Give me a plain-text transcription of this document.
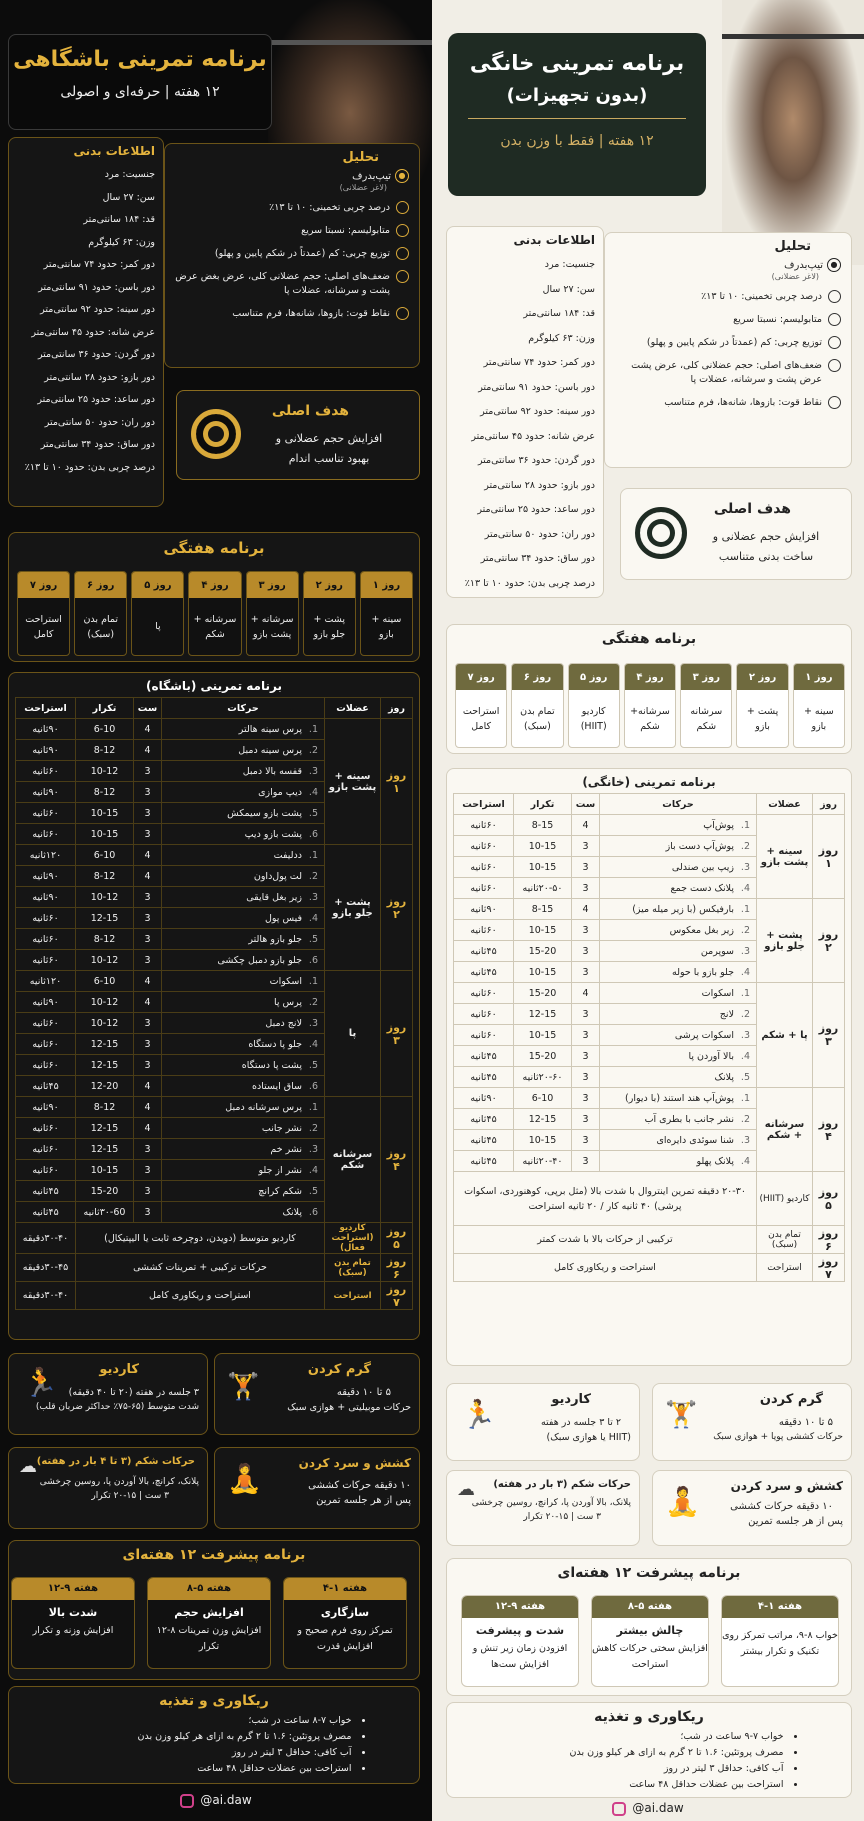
برنامه تمرینی باشگاهی
۱۲ هفته | حرفه‌ای و اصولی
اطلاعات بدنی
جنسیت: مرد
سن: ۲۷ سال
قد: ۱۸۴ سانتی‌متر
وزن: ۶۳ کیلوگرم
دور کمر: حدود ۷۴ سانتی‌متر
دور باسن: حدود ۹۱ سانتی‌متر
دور سینه: حدود ۹۲ سانتی‌متر
عرض شانه: حدود ۴۵ سانتی‌متر
دور گردن: حدود ۳۶ سانتی‌متر
دور بازو: حدود ۲۸ سانتی‌متر
دور ساعد: حدود ۲۵ سانتی‌متر
دور ران: حدود ۵۰ سانتی‌متر
دور ساق: حدود ۳۴ سانتی‌متر
درصد چربی بدن: حدود ۱۰ تا ۱۳٪
تحلیل
●تیپ‌بدرف
(لاغر عضلانی)
درصد چربی تخمینی: ۱۰ تا ۱۳٪
متابولیسم: نسبتا سریع
توزیع چربی: کم (عمدتاً در شکم پایین و پهلو)
ضعف‌های اصلی: حجم عضلانی کلی، عرض بغض عرض پشت و سرشانه، عضلات پا
نقاط قوت: بازوها، شانه‌ها، فرم متناسب
هدف اصلی
افزایش حجم عضلانی و بهبود تناسب اندام
برنامه هفتگی
روز ۱
سینه + بازو
روز ۲
پشت + جلو بازو
روز ۳
سرشانه + پشت بازو
روز ۴
سرشانه + شکم
روز ۵
پا
روز ۶
تمام بدن (سبک)
روز ۷
استراحت کامل
برنامه تمرینی (باشگاه)
روز	عضلات	حرکات	ست	تکرار	استراحت
روز ۱	سینه + پشت بازو	1.پرس سینه هالتر	4	6-10	۹۰ثانیه
		2.پرس سینه دمبل	4	8-12	۹۰ثانیه
		3.قفسه بالا دمبل	3	10-12	۶۰ثانیه
		4.دیپ موازی	3	8-12	۹۰ثانیه
		5.پشت بازو سیمکش	3	10-15	۶۰ثانیه
		6.پشت بازو دیپ	3	10-15	۶۰ثانیه
روز ۲	پشت + جلو بازو	1.ددلیفت	4	6-10	۱۲۰ثانیه
		2.لت پول‌داون	4	8-12	۹۰ثانیه
		3.زیر بغل قایقی	3	10-12	۹۰ثانیه
		4.فیس پول	3	12-15	۶۰ثانیه
		5.جلو بازو هالتر	3	8-12	۶۰ثانیه
		6.جلو بازو دمبل چکشی	3	10-12	۶۰ثانیه
روز ۳	پا	1.اسکوات	4	6-10	۱۲۰ثانیه
		2.پرس پا	4	10-12	۹۰ثانیه
		3.لانج دمبل	3	10-12	۶۰ثانیه
		4.جلو پا دستگاه	3	12-15	۶۰ثانیه
		5.پشت پا دستگاه	3	12-15	۶۰ثانیه
		6.ساق ایستاده	4	12-20	۴۵ثانیه
روز ۴	سرشانه شکم	1.پرس سرشانه دمبل	4	8-12	۹۰ثانیه
		2.نشر جانب	4	12-15	۶۰ثانیه
		3.نشر خم	3	12-15	۶۰ثانیه
		4.نشر از جلو	3	10-15	۶۰ثانیه
		5.شکم کرانچ	3	15-20	۴۵ثانیه
		6.پلانک	3	۳۰-60ثانیه	۴۵ثانیه
روز ۵	کاردیو (استراحت فعال)	کاردیو متوسط (دویدن، دوچرخه ثابت یا الیپتیکال)			۳۰-۴۰دقیقه
روز ۶	تمام بدن (سبک)	حرکات ترکیبی + تمرینات کششی			۳۰-۴۵دقیقه
روز ۷	استراحت	استراحت و ریکاوری کامل			۳۰-۴۰دقیقه
🏃	کاردیو
۳ جلسه در هفته (۲۰ تا ۴۰ دقیقه)
شدت متوسط (۶۵-۷۵٪ حداکثر ضربان قلب)
🏋
گرم کردن
۵ تا ۱۰ دقیقه
حرکات موبیلیتی + هوازی سبک
☁ حرکات شکم (۳ تا ۴ بار در هفته)
پلانک، کرانچ، بالا آوردن پا، روسین چرخشی
۳ ست | ۱۵-۲۰ تکرار
🧘	کشش و سرد کردن
۱۰ دقیقه حرکات کششی
پس از هر جلسه تمرین
برنامه پیشرفت ۱۲ هفته‌ای
هفته ۱-۴
سازگاری
تمرکز روی فرم صحیح و افزایش قدرت
هفته ۵-۸
افزایش حجم
افزایش وزن تمرینات ۸-۱۲ تکرار
هفته ۹-۱۲
شدت بالا
افزایش وزنه و تکرار
ریکاوری و تغذیه
• خواب ۷-۸ ساعت در شب؛
• مصرف پروتئین: ۱.۶ تا ۲ گرم به ازای هر کیلو وزن بدن
• آب کافی: حداقل ۳ لیتر در روز
• استراحت بین عضلات حداقل ۴۸ ساعت
@ai.daw
برنامه تمرینی خانگی
(بدون تجهیزات)
۱۲ هفته | فقط با وزن بدن
اطلاعات بدنی
جنسیت: مرد
سن: ۲۷ سال
قد: ۱۸۴ سانتی‌متر
وزن: ۶۳ کیلوگرم
دور کمر: حدود ۷۴ سانتی‌متر
دور باسن: حدود ۹۱ سانتی‌متر
دور سینه: حدود ۹۲ سانتی‌متر
عرض شانه: حدود ۴۵ سانتی‌متر
دور گردن: حدود ۳۶ سانتی‌متر
دور بازو: حدود ۲۸ سانتی‌متر
دور ساعد: حدود ۲۵ سانتی‌متر
دور ران: حدود ۵۰ سانتی‌متر
دور ساق: حدود ۳۴ سانتی‌متر
درصد چربی بدن: حدود ۱۰ تا ۱۳٪
تحلیل
●تیپ‌بدرف
(لاغر عضلانی)
درصد چربی تخمینی: ۱۰ تا ۱۳٪
متابولیسم: نسبتا سریع
توزیع چربی: کم (عمدتاً در شکم پایین و پهلو)
ضعف‌های اصلی: حجم عضلانی کلی، عرض پشت عرض پشت و سرشانه، عضلات پا
نقاط قوت: بازوها، شانه‌ها، فرم متناسب
هدف اصلی
افزایش حجم عضلانی و ساخت بدنی متناسب
برنامه هفتگی
روز ۱
سینه + بازو
روز ۲
پشت + بازو
روز ۳
سرشانه شکم
روز ۴
سرشانه+ شکم
روز ۵
کاردیو (HIIT)
روز ۶
تمام بدن (سبک)
روز ۷
استراحت کامل
برنامه تمرینی (خانگی)
روز	عضلات	حرکات	ست	تکرار	استراحت
روز ۱	سینه + پشت بازو	1.پوش‌آپ	4	8-15	۶۰ثانیه
		2.پوش‌آپ دست باز	3	10-15	۶۰ثانیه
		3.زیپ بین صندلی	3	10-15	۶۰ثانیه
		4.پلانک دست جمع	3	۲۰-۵۰ثانیه	۶۰ثانیه
روز ۲	پشت + جلو بازو	1.بارفیکس (با زیر میله میز)	4	8-15	۹۰ثانیه
		2.زیر بغل معکوس	3	10-15	۶۰ثانیه
		3.سوپرمن	3	15-20	۴۵ثانیه
		4.جلو بازو با حوله	3	10-15	۴۵ثانیه
روز ۳	پا + شکم	1.اسکوات	4	15-20	۶۰ثانیه
		2.لانج	3	12-15	۶۰ثانیه
		3.اسکوات پرشی	3	10-15	۶۰ثانیه
		4.بالا آوردن پا	3	15-20	۴۵ثانیه
		5.پلانک	3	۲۰-۶۰ثانیه	۴۵ثانیه
روز ۴	سرشانه + شکم	1.پوش‌آپ هند استند (با دیوار)	3	6-10	۹۰ثانیه
		2.نشر جانب با بطری آب	3	12-15	۴۵ثانیه
		3.شنا سوئدی دایره‌ای	3	10-15	۴۵ثانیه
		4.پلانک پهلو	3	۲۰-۴۰ثانیه	۴۵ثانیه
روز ۵	کاردیو (HIIT)	۲۰-۳۰ دقیقه تمرین اینتروال با شدت بالا (مثل برپی، کوهنوردی، اسکوات پرشی) ۴۰ ثانیه کار / ۲۰ ثانیه استراحت			
روز ۶	تمام بدن (سبک)	ترکیبی از حرکات بالا با شدت کمتر			
روز ۷	استراحت	استراحت و ریکاوری کامل			
🏃	کاردیو
۲ تا ۳ جلسه در هفته
(HIIT یا هوازی سبک)
🏋
گرم کردن
۵ تا ۱۰ دقیقه
حرکات کششی پویا + هوازی سبک
☁	حرکات شکم (۳ بار در هفته)
پلانک، بالا آوردن پا، کرانچ، روسین چرخشی
۳ ست | ۱۵-۲۰ تکرار 🧘	کشش و سرد کردن
۱۰ دقیقه حرکات کششی
پس از هر جلسه تمرین
برنامه پیشرفت ۱۲ هفته‌ای
هفته ۱-۴
خواب ۸-۹، مراتب تمرکز روی تکنیک و تکرار بیشتر
هفته ۵-۸
چالش بیشتر
افزایش سختی حرکات کاهش استراحت
هفته ۹-۱۲
شدت و پیشرفت
افزودن زمان زیر تنش و افزایش ست‌ها
ریکاوری و تغذیه
• خواب ۷-۹ ساعت در شب؛
• مصرف پروتئین: ۱.۶ تا ۲ گرم به ازای هر کیلو وزن بدن
• آب کافی: حداقل ۳ لیتر در روز
• استراحت بین عضلات حداقل ۴۸ ساعت
@ai.daw
